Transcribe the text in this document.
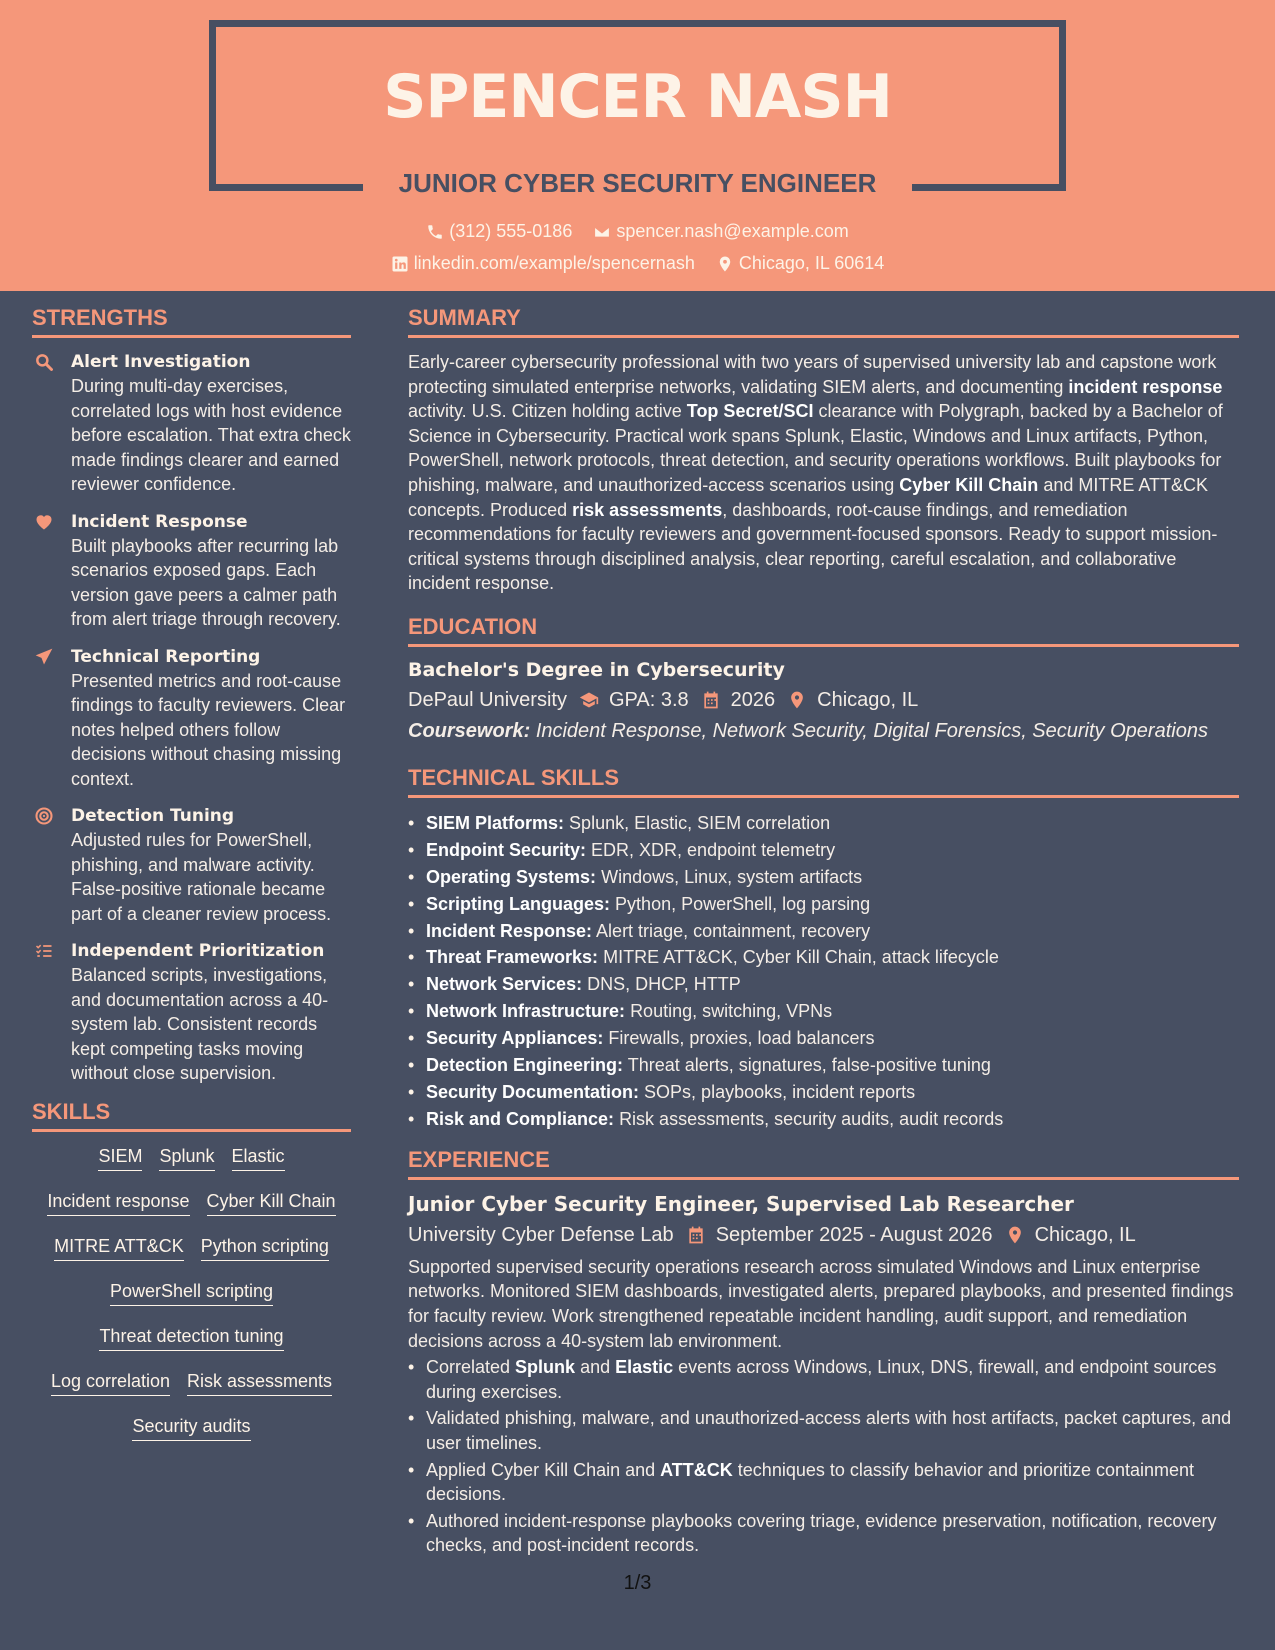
SPENCER NASH
JUNIOR CYBER SECURITY ENGINEER
(312) 555-0186
spencer.nash@example.com
linkedin.com/example/spencernash
Chicago, IL 60614
STRENGTHS
Alert Investigation
During multi-day exercises, correlated logs with host evidence before escalation. That extra check made findings clearer and earned reviewer confidence.
Incident Response
Built playbooks after recurring lab scenarios exposed gaps. Each version gave peers a calmer path from alert triage through recovery.
Technical Reporting
Presented metrics and root-cause findings to faculty reviewers. Clear notes helped others follow decisions without chasing missing context.
Detection Tuning
Adjusted rules for PowerShell, phishing, and malware activity. False-positive rationale became part of a cleaner review process.
Independent Prioritization
Balanced scripts, investigations, and documentation across a 40-system lab. Consistent records kept competing tasks moving without close supervision.
SKILLS
SIEM Splunk Elastic
Incident response Cyber Kill Chain
MITRE ATT&CK Python scripting
PowerShell scripting
Threat detection tuning
Log correlation Risk assessments
Security audits
SUMMARY
Early-career cybersecurity professional with two years of supervised university lab and capstone work protecting simulated enterprise networks, validating SIEM alerts, and documenting incident response activity. U.S. Citizen holding active Top Secret/SCI clearance with Polygraph, backed by a Bachelor of Science in Cybersecurity. Practical work spans Splunk, Elastic, Windows and Linux artifacts, Python, PowerShell, network protocols, threat detection, and security operations workflows. Built playbooks for phishing, malware, and unauthorized-access scenarios using Cyber Kill Chain and MITRE ATT&CK concepts. Produced risk assessments, dashboards, root-cause findings, and remediation recommendations for faculty reviewers and government-focused sponsors. Ready to support mission-critical systems through disciplined analysis, clear reporting, careful escalation, and collaborative incident response.
EDUCATION
Bachelor's Degree in Cybersecurity
DePaul University GPA: 3.8 2026 Chicago, IL
Coursework: Incident Response, Network Security, Digital Forensics, Security Operations
TECHNICAL SKILLS
• SIEM Platforms: Splunk, Elastic, SIEM correlation
• Endpoint Security: EDR, XDR, endpoint telemetry
• Operating Systems: Windows, Linux, system artifacts
• Scripting Languages: Python, PowerShell, log parsing
• Incident Response: Alert triage, containment, recovery
• Threat Frameworks: MITRE ATT&CK, Cyber Kill Chain, attack lifecycle
• Network Services: DNS, DHCP, HTTP
• Network Infrastructure: Routing, switching, VPNs
• Security Appliances: Firewalls, proxies, load balancers
• Detection Engineering: Threat alerts, signatures, false-positive tuning
• Security Documentation: SOPs, playbooks, incident reports
• Risk and Compliance: Risk assessments, security audits, audit records
EXPERIENCE
Junior Cyber Security Engineer, Supervised Lab Researcher
University Cyber Defense Lab September 2025 - August 2026 Chicago, IL
Supported supervised security operations research across simulated Windows and Linux enterprise networks. Monitored SIEM dashboards, investigated alerts, prepared playbooks, and presented findings for faculty review. Work strengthened repeatable incident handling, audit support, and remediation decisions across a 40-system lab environment.
• Correlated Splunk and Elastic events across Windows, Linux, DNS, firewall, and endpoint sources during exercises.
• Validated phishing, malware, and unauthorized-access alerts with host artifacts, packet captures, and user timelines.
• Applied Cyber Kill Chain and ATT&CK techniques to classify behavior and prioritize containment decisions.
• Authored incident-response playbooks covering triage, evidence preservation, notification, recovery checks, and post-incident records.
1/3
